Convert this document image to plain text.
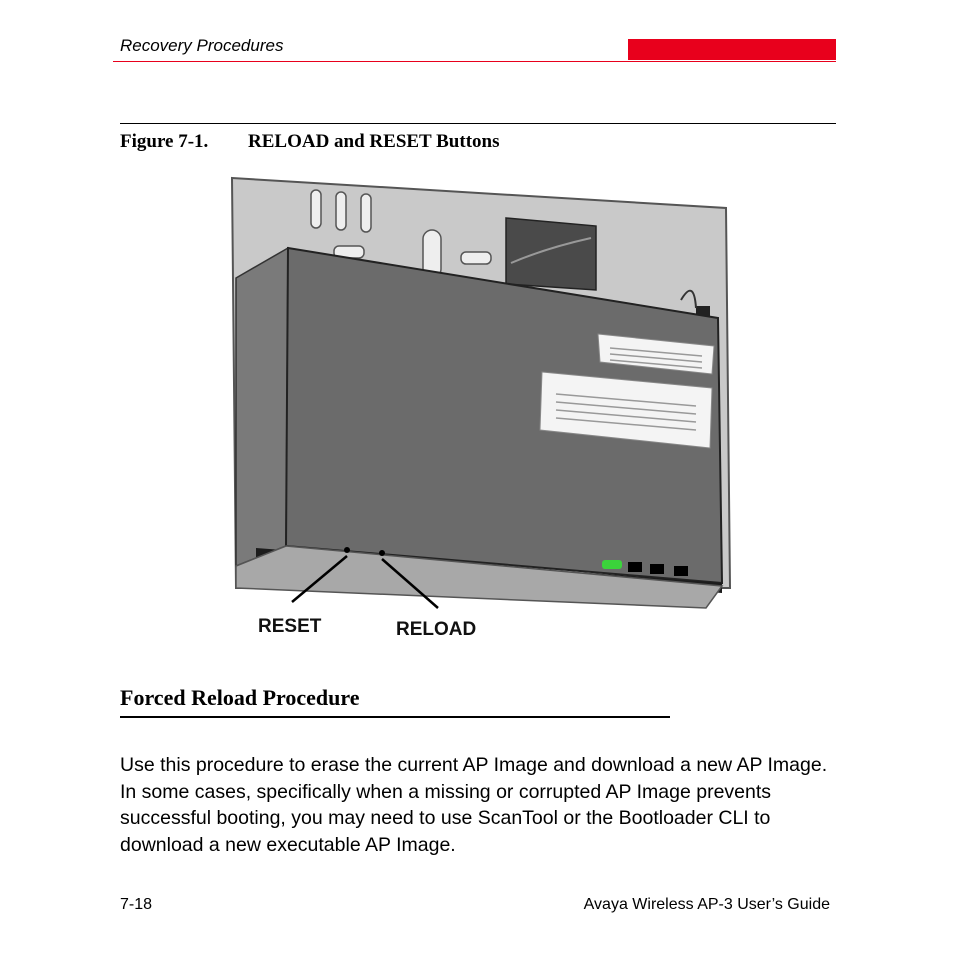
Recovery Procedures
Figure 7-1. RELOAD and RESET Buttons
RESET	RELOAD
Forced Reload Procedure
Use this procedure to erase the current AP Image and download a new AP Image. In some cases, specifically when a missing or corrupted AP Image prevents successful booting, you may need to use ScanTool or the Bootloader CLI to download a new executable AP Image.
7-18	Avaya Wireless AP-3 User’s Guide
